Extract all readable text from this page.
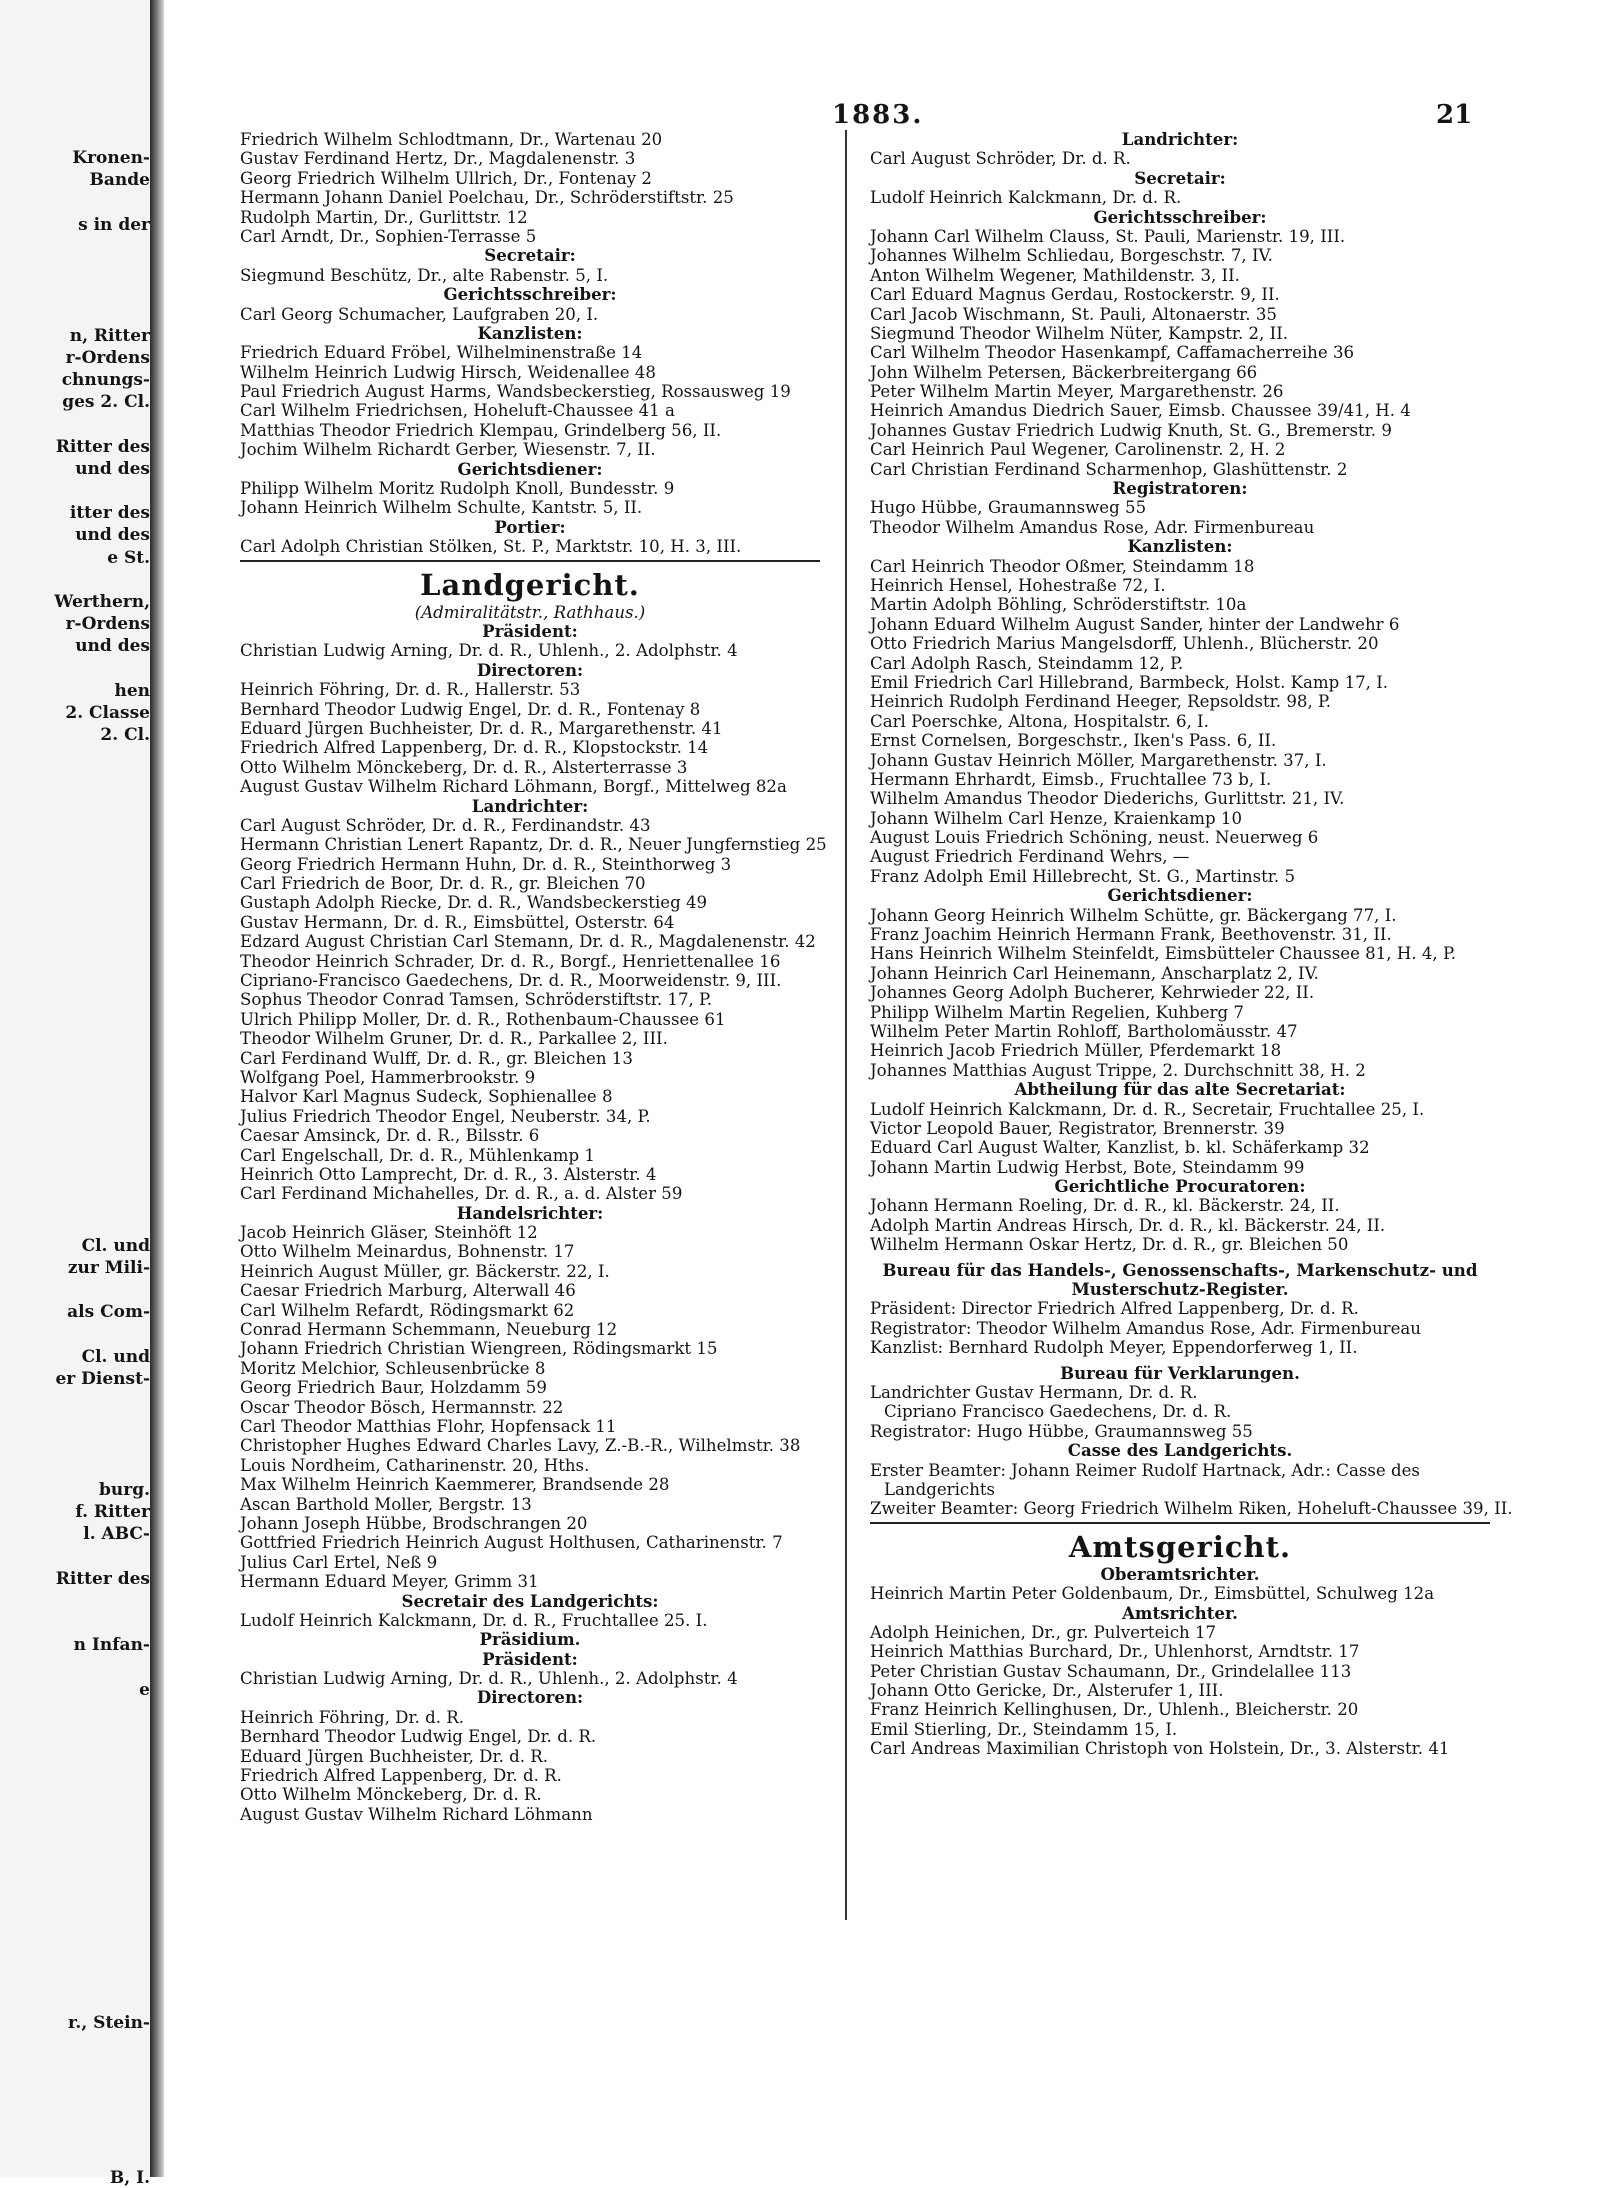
Kronen-
Bande
s in der
n, Ritter
r-Ordens
chnungs-
ges 2. Cl.
Ritter des
und des
itter des
und des
e St.
Werthern,
r-Ordens
und des
hen
2. Classe
2. Cl.
Cl. und
zur Mili-
als Com-
Cl. und
er Dienst-
burg.
f. Ritter
l. ABC-
Ritter des
n Infan-
e
r., Stein-
B, I.
1883.	21
Friedrich Wilhelm Schlodtmann, Dr., Wartenau 20
Gustav Ferdinand Hertz, Dr., Magdalenenstr. 3
Georg Friedrich Wilhelm Ullrich, Dr., Fontenay 2
Hermann Johann Daniel Poelchau, Dr., Schröderstiftstr. 25
Rudolph Martin, Dr., Gurlittstr. 12
Carl Arndt, Dr., Sophien-Terrasse 5
Secretair:
Siegmund Beschütz, Dr., alte Rabenstr. 5, I.
Gerichtsschreiber:
Carl Georg Schumacher, Laufgraben 20, I.
Kanzlisten:
Friedrich Eduard Fröbel, Wilhelminenstraße 14
Wilhelm Heinrich Ludwig Hirsch, Weidenallee 48
Paul Friedrich August Harms, Wandsbeckerstieg, Rossausweg 19
Carl Wilhelm Friedrichsen, Hoheluft-Chaussee 41 a
Matthias Theodor Friedrich Klempau, Grindelberg 56, II.
Jochim Wilhelm Richardt Gerber, Wiesenstr. 7, II.
Gerichtsdiener:
Philipp Wilhelm Moritz Rudolph Knoll, Bundesstr. 9
Johann Heinrich Wilhelm Schulte, Kantstr. 5, II.
Portier:
Carl Adolph Christian Stölken, St. P., Marktstr. 10, H. 3, III.
Landgericht.
(Admiralitätstr., Rathhaus.)
Präsident:
Christian Ludwig Arning, Dr. d. R., Uhlenh., 2. Adolphstr. 4
Directoren:
Heinrich Föhring, Dr. d. R., Hallerstr. 53
Bernhard Theodor Ludwig Engel, Dr. d. R., Fontenay 8
Eduard Jürgen Buchheister, Dr. d. R., Margarethenstr. 41
Friedrich Alfred Lappenberg, Dr. d. R., Klopstockstr. 14
Otto Wilhelm Mönckeberg, Dr. d. R., Alsterterrasse 3
August Gustav Wilhelm Richard Löhmann, Borgf., Mittelweg 82a
Landrichter:
Carl August Schröder, Dr. d. R., Ferdinandstr. 43
Hermann Christian Lenert Rapantz, Dr. d. R., Neuer Jungfernstieg 25
Georg Friedrich Hermann Huhn, Dr. d. R., Steinthorweg 3
Carl Friedrich de Boor, Dr. d. R., gr. Bleichen 70
Gustaph Adolph Rieckе, Dr. d. R., Wandsbeckerstieg 49
Gustav Hermann, Dr. d. R., Eimsbüttel, Osterstr. 64
Edzard August Christian Carl Stemann, Dr. d. R., Magdalenenstr. 42
Theodor Heinrich Schrader, Dr. d. R., Borgf., Henriettenallee 16
Cipriano-Francisco Gaedechens, Dr. d. R., Moorweidenstr. 9, III.
Sophus Theodor Conrad Tamsen, Schröderstiftstr. 17, P.
Ulrich Philipp Moller, Dr. d. R., Rothenbaum-Chaussee 61
Theodor Wilhelm Gruner, Dr. d. R., Parkallee 2, III.
Carl Ferdinand Wulff, Dr. d. R., gr. Bleichen 13
Wolfgang Poel, Hammerbrookstr. 9
Halvor Karl Magnus Sudeck, Sophienallee 8
Julius Friedrich Theodor Engel, Neuberstr. 34, P.
Caesar Amsinck, Dr. d. R., Bilsstr. 6
Carl Engelschall, Dr. d. R., Mühlenkamp 1
Heinrich Otto Lamprecht, Dr. d. R., 3. Alsterstr. 4
Carl Ferdinand Michahelles, Dr. d. R., a. d. Alster 59
Handelsrichter:
Jacob Heinrich Gläser, Steinhöft 12
Otto Wilhelm Meinardus, Bohnenstr. 17
Heinrich August Müller, gr. Bäckerstr. 22, I.
Caesar Friedrich Marburg, Alterwall 46
Carl Wilhelm Refardt, Rödingsmarkt 62
Conrad Hermann Schemmann, Neueburg 12
Johann Friedrich Christian Wiengreen, Rödingsmarkt 15
Moritz Melchior, Schleusenbrücke 8
Georg Friedrich Baur, Holzdamm 59
Oscar Theodor Bösch, Hermannstr. 22
Carl Theodor Matthias Flohr, Hopfensack 11
Christopher Hughes Edward Charles Lavy, Z.-B.-R., Wilhelmstr. 38
Louis Nordheim, Catharinenstr. 20, Hths.
Max Wilhelm Heinrich Kaemmerer, Brandsende 28
Ascan Barthold Moller, Bergstr. 13
Johann Joseph Hübbe, Brodschrangen 20
Gottfried Friedrich Heinrich August Holthusen, Catharinenstr. 7
Julius Carl Ertel, Neß 9
Hermann Eduard Meyer, Grimm 31
Secretair des Landgerichts:
Ludolf Heinrich Kalckmann, Dr. d. R., Fruchtallee 25. I.
Präsidium.
Präsident:
Christian Ludwig Arning, Dr. d. R., Uhlenh., 2. Adolphstr. 4
Directoren:
Heinrich Föhring, Dr. d. R.
Bernhard Theodor Ludwig Engel, Dr. d. R.
Eduard Jürgen Buchheister, Dr. d. R.
Friedrich Alfred Lappenberg, Dr. d. R.
Otto Wilhelm Mönckeberg, Dr. d. R.
August Gustav Wilhelm Richard Löhmann
Landrichter:
Carl August Schröder, Dr. d. R.
Secretair:
Ludolf Heinrich Kalckmann, Dr. d. R.
Gerichtsschreiber:
Johann Carl Wilhelm Clauss, St. Pauli, Marienstr. 19, III.
Johannes Wilhelm Schliedau, Borgeschstr. 7, IV.
Anton Wilhelm Wegener, Mathildenstr. 3, II.
Carl Eduard Magnus Gerdau, Rostockerstr. 9, II.
Carl Jacob Wischmann, St. Pauli, Altonaerstr. 35
Siegmund Theodor Wilhelm Nüter, Kampstr. 2, II.
Carl Wilhelm Theodor Hasenkampf, Caffamacherreihe 36
John Wilhelm Petersen, Bäckerbreitergang 66
Peter Wilhelm Martin Meyer, Margarethenstr. 26
Heinrich Amandus Diedrich Sauer, Eimsb. Chaussee 39/41, H. 4
Johannes Gustav Friedrich Ludwig Knuth, St. G., Bremerstr. 9
Carl Heinrich Paul Wegener, Carolinenstr. 2, H. 2
Carl Christian Ferdinand Scharmenhop, Glashüttenstr. 2
Registratoren:
Hugo Hübbe, Graumannsweg 55
Theodor Wilhelm Amandus Rose, Adr. Firmenbureau
Kanzlisten:
Carl Heinrich Theodor Oßmer, Steindamm 18
Heinrich Hensel, Hohestraße 72, I.
Martin Adolph Böhling, Schröderstiftstr. 10a
Johann Eduard Wilhelm August Sander, hinter der Landwehr 6
Otto Friedrich Marius Mangelsdorff, Uhlenh., Blücherstr. 20
Carl Adolph Rasch, Steindamm 12, P.
Emil Friedrich Carl Hillebrand, Barmbeck, Holst. Kamp 17, I.
Heinrich Rudolph Ferdinand Heeger, Repsoldstr. 98, P.
Carl Poerschke, Altona, Hospitalstr. 6, I.
Ernst Cornelsen, Borgeschstr., Iken's Pass. 6, II.
Johann Gustav Heinrich Möller, Margarethenstr. 37, I.
Hermann Ehrhardt, Eimsb., Fruchtallee 73 b, I.
Wilhelm Amandus Theodor Diederichs, Gurlittstr. 21, IV.
Johann Wilhelm Carl Henze, Kraienkamp 10
August Louis Friedrich Schöning, neust. Neuerweg 6
August Friedrich Ferdinand Wehrs, —
Franz Adolph Emil Hillebrecht, St. G., Martinstr. 5
Gerichtsdiener:
Johann Georg Heinrich Wilhelm Schütte, gr. Bäckergang 77, I.
Franz Joachim Heinrich Hermann Frank, Beethovenstr. 31, II.
Hans Heinrich Wilhelm Steinfeldt, Eimsbütteler Chaussee 81, H. 4, P.
Johann Heinrich Carl Heinemann, Anscharplatz 2, IV.
Johannes Georg Adolph Bucherer, Kehrwieder 22, II.
Philipp Wilhelm Martin Regelien, Kuhberg 7
Wilhelm Peter Martin Rohloff, Bartholomäusstr. 47
Heinrich Jacob Friedrich Müller, Pferdemarkt 18
Johannes Matthias August Trippe, 2. Durchschnitt 38, H. 2
Abtheilung für das alte Secretariat:
Ludolf Heinrich Kalckmann, Dr. d. R., Secretair, Fruchtallee 25, I.
Victor Leopold Bauer, Registrator, Brennerstr. 39
Eduard Carl August Walter, Kanzlist, b. kl. Schäferkamp 32
Johann Martin Ludwig Herbst, Bote, Steindamm 99
Gerichtliche Procuratoren:
Johann Hermann Roeling, Dr. d. R., kl. Bäckerstr. 24, II.
Adolph Martin Andreas Hirsch, Dr. d. R., kl. Bäckerstr. 24, II.
Wilhelm Hermann Oskar Hertz, Dr. d. R., gr. Bleichen 50
Bureau für das Handels-, Genossenschafts-, Markenschutz- und
Musterschutz-Register.
Präsident: Director Friedrich Alfred Lappenberg, Dr. d. R.
Registrator: Theodor Wilhelm Amandus Rose, Adr. Firmenbureau
Kanzlist: Bernhard Rudolph Meyer, Eppendorferweg 1, II.
Bureau für Verklarungen.
Landrichter Gustav Hermann, Dr. d. R.
Cipriano Francisco Gaedechens, Dr. d. R.
Registrator: Hugo Hübbe, Graumannsweg 55
Casse des Landgerichts.
Erster Beamter: Johann Reimer Rudolf Hartnack, Adr.: Casse des
Landgerichts
Zweiter Beamter: Georg Friedrich Wilhelm Riken, Hoheluft-Chaussee 39, II.
Amtsgericht.
Oberamtsrichter.
Heinrich Martin Peter Goldenbaum, Dr., Eimsbüttel, Schulweg 12a
Amtsrichter.
Adolph Heinichen, Dr., gr. Pulverteich 17
Heinrich Matthias Burchard, Dr., Uhlenhorst, Arndtstr. 17
Peter Christian Gustav Schaumann, Dr., Grindelallee 113
Johann Otto Gericke, Dr., Alsterufer 1, III.
Franz Heinrich Kellinghusen, Dr., Uhlenh., Bleicherstr. 20
Emil Stierling, Dr., Steindamm 15, I.
Carl Andreas Maximilian Christoph von Holstein, Dr., 3. Alsterstr. 41
